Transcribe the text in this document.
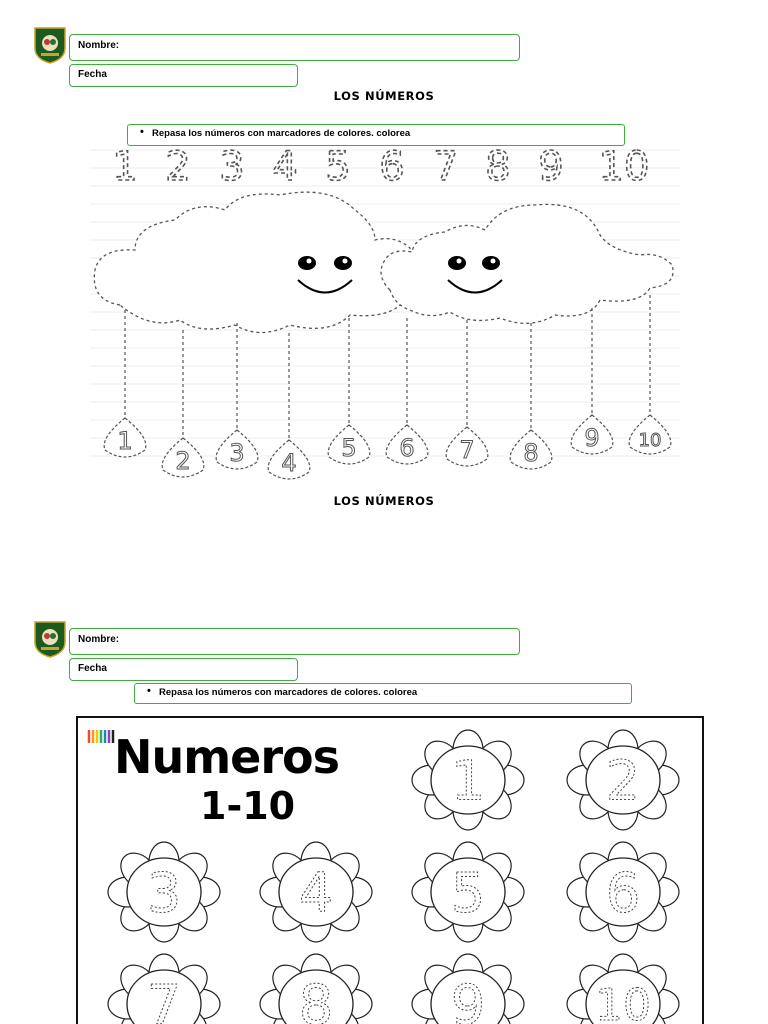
Nombre:
Fecha
LOS NÚMEROS
• Repasa los números con marcadores de colores. colorea
1 2 3 4 5 6 7 8 9 10
1
2 3 4
5 6 7 8
9 10
LOS NÚMEROS
Nombre:
Fecha
• Repasa los números con marcadores de colores. colorea
Numeros
1-10	1 2
3 4 5 6
7 8 9 10
